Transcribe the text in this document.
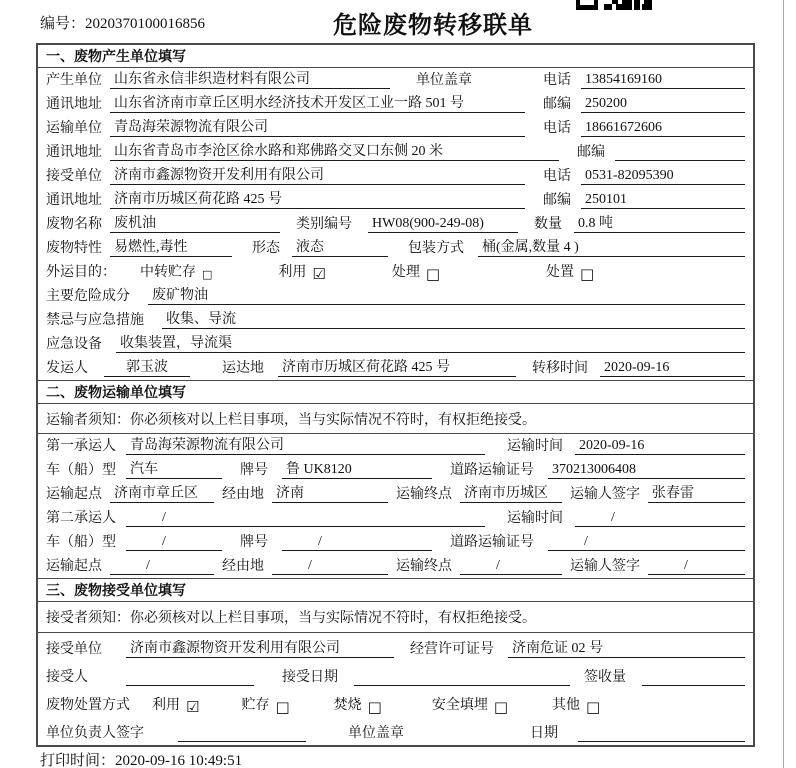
编号：2020370100016856	危险废物转移联单
一、废物产生单位填写
产生单位 山东省永信非织造材料有限公司	单位盖章	电话	13854169160
通讯地址 山东省济南市章丘区明水经济技术开发区工业一路 501 号	邮编	250200
运输单位 青岛海荣源物流有限公司	电话	18661672606
通讯地址 山东省青岛市李沧区徐水路和郑佛路交叉口东侧 20 米	邮编
接受单位 济南市鑫源物资开发利用有限公司	电话	0531-82095390
通讯地址 济南市历城区荷花路 425 号	邮编	250101
废物名称 废机油	类别编号	HW08(900-249-08)	数量	0.8 吨
废物特性 易燃性,毒性	形态	液态	包装方式	桶(金属,数量 4 )
外运目的：	中转贮存 □	利用 ☑	处理 □	处置 □
主要危险成分	废矿物油
禁忌与应急措施	收集、导流
应急设备	收集装置，导流渠
发运人	郭玉波	运达地	济南市历城区荷花路 425 号	转移时间	2020-09-16
二、废物运输单位填写
运输者须知：你必须核对以上栏目事项，当与实际情况不符时，有权拒绝接受。
第一承运人	青岛海荣源物流有限公司	运输时间	2020-09-16
车（船）型	汽车	牌号	鲁 UK8120	道路运输证号	370213006408
运输起点 济南市章丘区	经由地 济南	运输终点 济南市历城区	运输人签字 张春雷
第二承运人	/	运输时间	/
车（船）型	/	牌号	/	道路运输证号	/
运输起点	/	经由地	/	运输终点	/	运输人签字	/
三、废物接受单位填写
接受者须知：你必须核对以上栏目事项，当与实际情况不符时，有权拒绝接受。
接受单位	济南市鑫源物资开发利用有限公司	经营许可证号	济南危证 02 号
接受人	接受日期	签收量
废物处置方式	利用 ☑	贮存 □	焚烧 □	安全填埋 □	其他 □
单位负责人签字	单位盖章	日期
打印时间：2020-09-16 10:49:51
